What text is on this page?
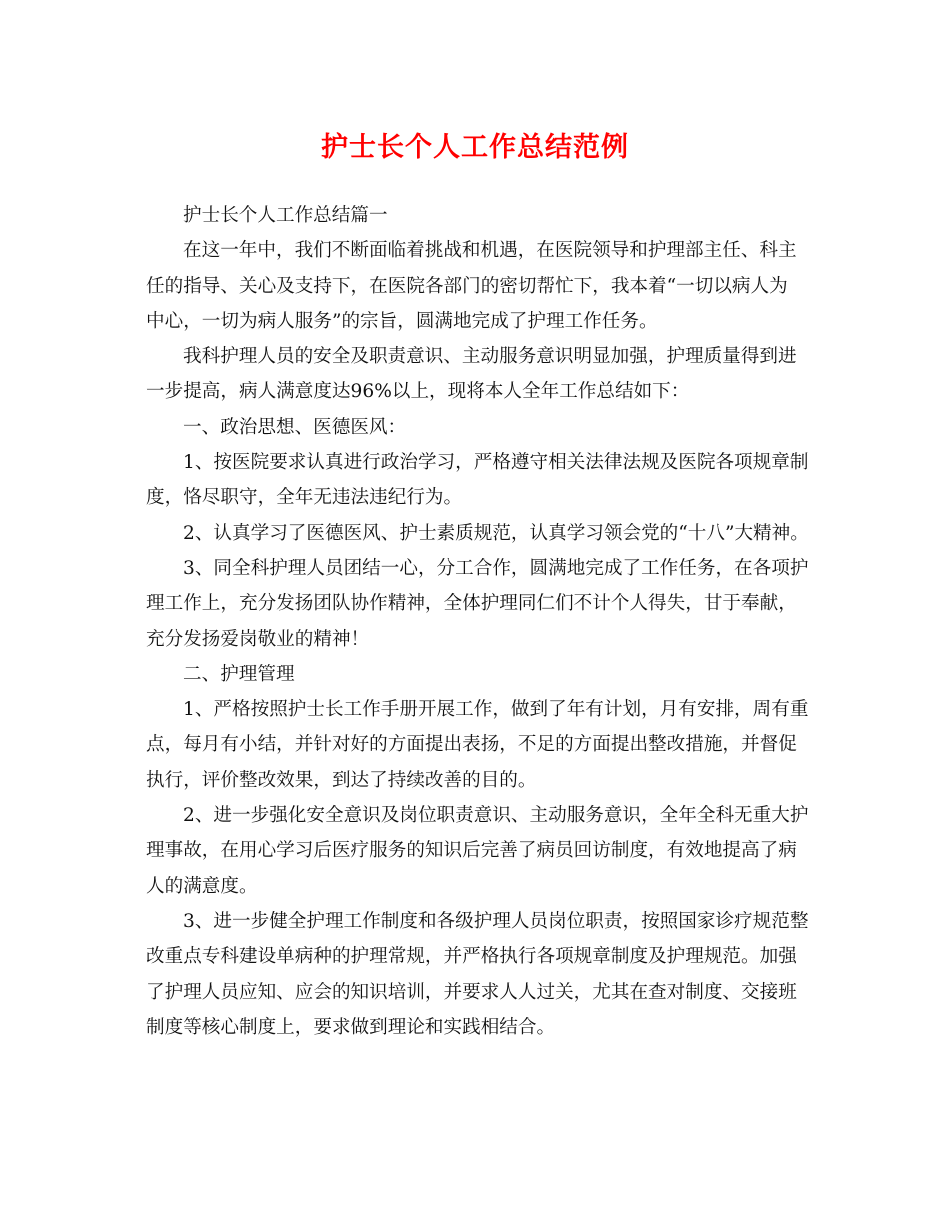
护士长个人工作总结范例
护士长个人工作总结篇一
在这一年中，我们不断面临着挑战和机遇，在医院领导和护理部主任、科主
任的指导、关心及支持下，在医院各部门的密切帮忙下，我本着“一切以病人为
中心，一切为病人服务”的宗旨，圆满地完成了护理工作任务。
我科护理人员的安全及职责意识、主动服务意识明显加强，护理质量得到进
一步提高，病人满意度达96%以上，现将本人全年工作总结如下：
一、政治思想、医德医风：
1、按医院要求认真进行政治学习，严格遵守相关法律法规及医院各项规章制
度，恪尽职守，全年无违法违纪行为。
2、认真学习了医德医风、护士素质规范，认真学习领会党的“十八”大精神。
3、同全科护理人员团结一心，分工合作，圆满地完成了工作任务，在各项护
理工作上，充分发扬团队协作精神，全体护理同仁们不计个人得失，甘于奉献，
充分发扬爱岗敬业的精神！
二、护理管理
1、严格按照护士长工作手册开展工作，做到了年有计划，月有安排，周有重
点，每月有小结，并针对好的方面提出表扬，不足的方面提出整改措施，并督促
执行，评价整改效果，到达了持续改善的目的。
2、进一步强化安全意识及岗位职责意识、主动服务意识，全年全科无重大护
理事故，在用心学习后医疗服务的知识后完善了病员回访制度，有效地提高了病
人的满意度。
3、进一步健全护理工作制度和各级护理人员岗位职责，按照国家诊疗规范整
改重点专科建设单病种的护理常规，并严格执行各项规章制度及护理规范。加强
了护理人员应知、应会的知识培训，并要求人人过关，尤其在查对制度、交接班
制度等核心制度上，要求做到理论和实践相结合。
